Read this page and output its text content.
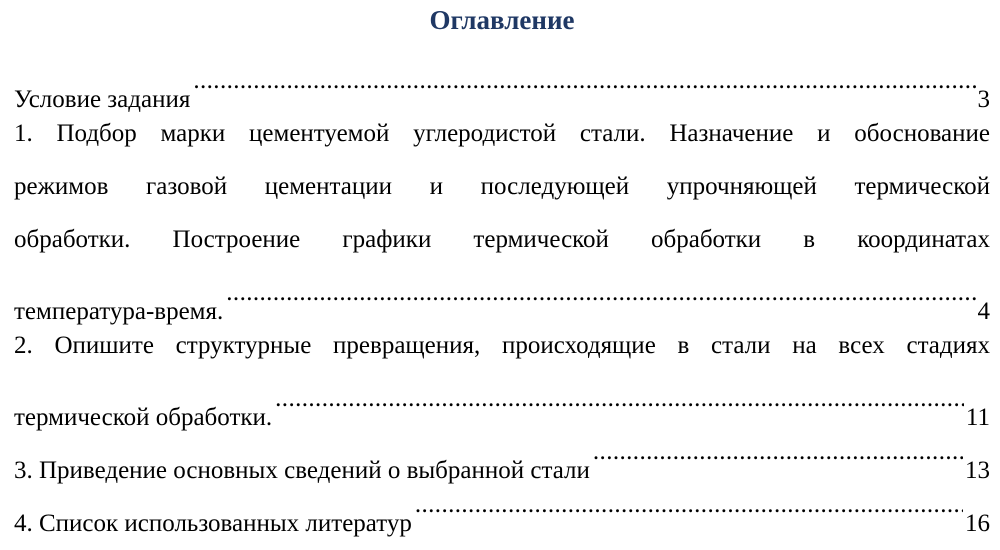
Оглавление
Условие задания .....	3
1. Подбор марки цементуемой углеродистой стали. Назначение и обоснование
режимов газовой цементации и последующей упрочняющей термической
обработки. Построение графики термической обработки в координатах
температура-время. .....	4
2. Опишите структурные превращения, происходящие в стали на всех стадиях
термической обработки. .....	11
3. Приведение основных сведений о выбранной стали .....	13
4. Список использованных литератур .....	16
